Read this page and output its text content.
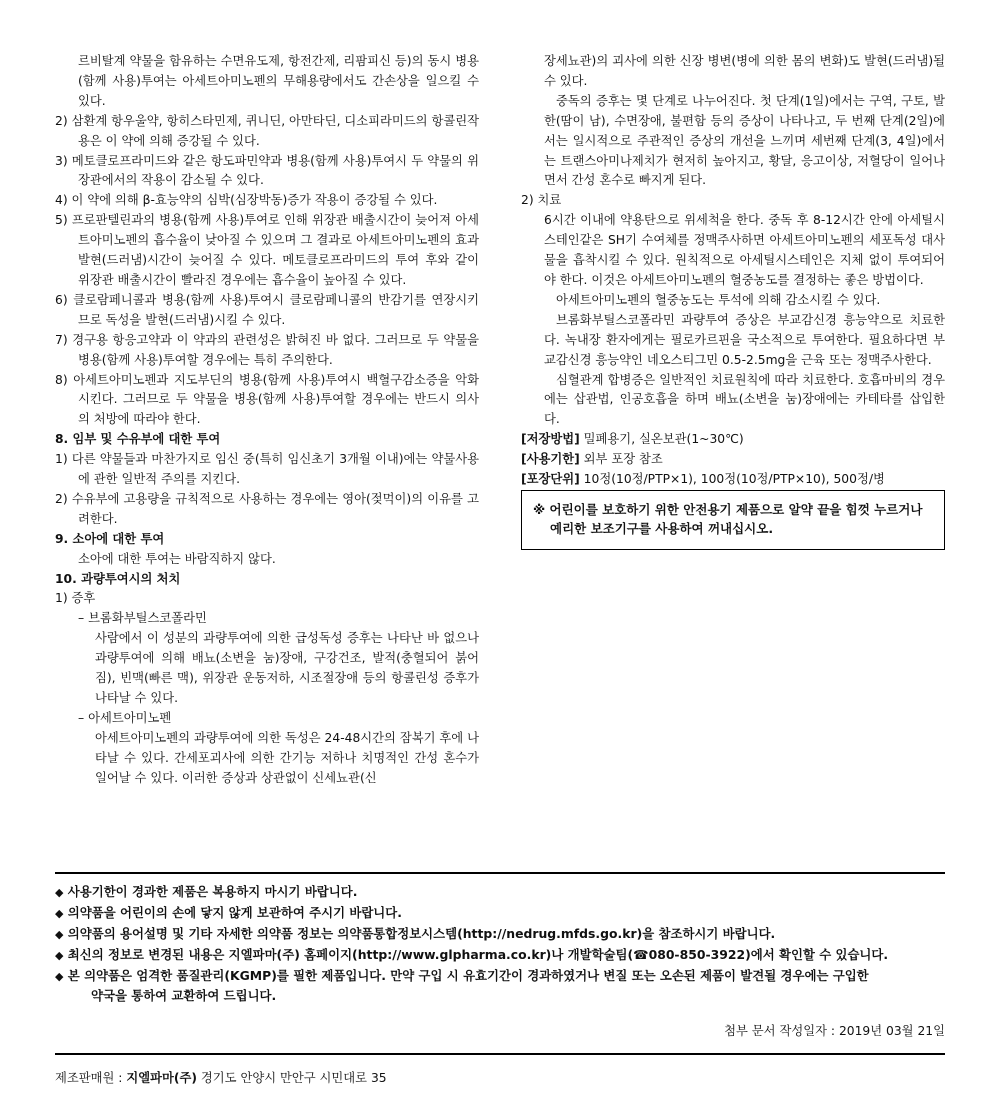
르비탈계 약물을 함유하는 수면유도제, 항전간제, 리팜피신 등)의 동시 병용(함께 사용)투여는 아세트아미노펜의 무해용량에서도 간손상을 일으킬 수 있다.
2) 삼환계 항우울약, 항히스타민제, 퀴니딘, 아만타딘, 디소피라미드의 항콜린작용은 이 약에 의해 증강될 수 있다.
3) 메토클로프라미드와 같은 항도파민약과 병용(함께 사용)투여시 두 약물의 위장관에서의 작용이 감소될 수 있다.
4) 이 약에 의해 β-효능약의 심박(심장박동)증가 작용이 증강될 수 있다.
5) 프로판텔린과의 병용(함께 사용)투여로 인해 위장관 배출시간이 늦어져 아세트아미노펜의 흡수율이 낮아질 수 있으며 그 결과로 아세트아미노펜의 효과발현(드러냄)시간이 늦어질 수 있다. 메토클로프라미드의 투여 후와 같이 위장관 배출시간이 빨라진 경우에는 흡수율이 높아질 수 있다.
6) 클로람페니콜과 병용(함께 사용)투여시 클로람페니콜의 반감기를 연장시키므로 독성을 발현(드러냄)시킬 수 있다.
7) 경구용 항응고약과 이 약과의 관련성은 밝혀진 바 없다. 그러므로 두 약물을 병용(함께 사용)투여할 경우에는 특히 주의한다.
8) 아세트아미노펜과 지도부딘의 병용(함께 사용)투여시 백혈구감소증을 악화시킨다. 그러므로 두 약물을 병용(함께 사용)투여할 경우에는 반드시 의사의 처방에 따라야 한다.
8. 임부 및 수유부에 대한 투여
1) 다른 약물들과 마찬가지로 임신 중(특히 임신초기 3개월 이내)에는 약물사용에 관한 일반적 주의를 지킨다.
2) 수유부에 고용량을 규칙적으로 사용하는 경우에는 영아(젖먹이)의 이유를 고려한다.
9. 소아에 대한 투여
소아에 대한 투여는 바람직하지 않다.
10. 과량투여시의 처치
1) 증후
– 브롬화부틸스코폴라민
사람에서 이 성분의 과량투여에 의한 급성독성 증후는 나타난 바 없으나 과량투여에 의해 배뇨(소변을 눔)장애, 구강건조, 발적(충혈되어 붉어짐), 빈맥(빠른 맥), 위장관 운동저하, 시조절장애 등의 항콜린성 증후가 나타날 수 있다.
– 아세트아미노펜
아세트아미노펜의 과량투여에 의한 독성은 24-48시간의 잠복기 후에 나타날 수 있다. 간세포괴사에 의한 간기능 저하나 치명적인 간성 혼수가 일어날 수 있다. 이러한 증상과 상관없이 신세뇨관(신
장세뇨관)의 괴사에 의한 신장 병변(병에 의한 몸의 변화)도 발현(드러냄)될 수 있다.
중독의 증후는 몇 단계로 나누어진다. 첫 단계(1일)에서는 구역, 구토, 발한(땀이 남), 수면장애, 불편함 등의 증상이 나타나고, 두 번째 단계(2일)에서는 일시적으로 주관적인 증상의 개선을 느끼며 세번째 단계(3, 4일)에서는 트랜스아미나제치가 현저히 높아지고, 황달, 응고이상, 저혈당이 일어나면서 간성 혼수로 빠지게 된다.
2) 치료
6시간 이내에 약용탄으로 위세척을 한다. 중독 후 8-12시간 안에 아세틸시스테인같은 SH기 수여체를 정맥주사하면 아세트아미노펜의 세포독성 대사물을 흡착시킬 수 있다. 원칙적으로 아세틸시스테인은 지체 없이 투여되어야 한다. 이것은 아세트아미노펜의 혈중농도를 결정하는 좋은 방법이다.
아세트아미노펜의 혈중농도는 투석에 의해 감소시킬 수 있다.
브롬화부틸스코폴라민 과량투여 증상은 부교감신경 흥능약으로 치료한다. 녹내장 환자에게는 필로카르핀을 국소적으로 투여한다. 필요하다면 부교감신경 흥능약인 네오스티그민 0.5-2.5mg을 근육 또는 정맥주사한다.
심혈관계 합병증은 일반적인 치료원칙에 따라 치료한다. 호흡마비의 경우에는 삽관법, 인공호흡을 하며 배뇨(소변을 눔)장애에는 카테타를 삽입한다.
[저장방법] 밀폐용기, 실온보관(1~30℃)
[사용기한] 외부 포장 참조
[포장단위] 10정(10정/PTP×1), 100정(10정/PTP×10), 500정/병
※ 어린이를 보호하기 위한 안전용기 제품으로 알약 끝을 힘껏 누르거나
예리한 보조기구를 사용하여 꺼내십시오.
◆ 사용기한이 경과한 제품은 복용하지 마시기 바랍니다.
◆ 의약품을 어린이의 손에 닿지 않게 보관하여 주시기 바랍니다.
◆ 의약품의 용어설명 및 기타 자세한 의약품 정보는 의약품통합정보시스템(http://nedrug.mfds.go.kr)을 참조하시기 바랍니다.
◆ 최신의 정보로 변경된 내용은 지엘파마(주) 홈페이지(http://www.glpharma.co.kr)나 개발학술팀(☎080-850-3922)에서 확인할 수 있습니다.
◆ 본 의약품은 엄격한 품질관리(KGMP)를 필한 제품입니다. 만약 구입 시 유효기간이 경과하였거나 변질 또는 오손된 제품이 발견될 경우에는 구입한
약국을 통하여 교환하여 드립니다.
첨부 문서 작성일자 : 2019년 03월 21일
제조판매원 : 지엘파마(주) 경기도 안양시 만안구 시민대로 35
